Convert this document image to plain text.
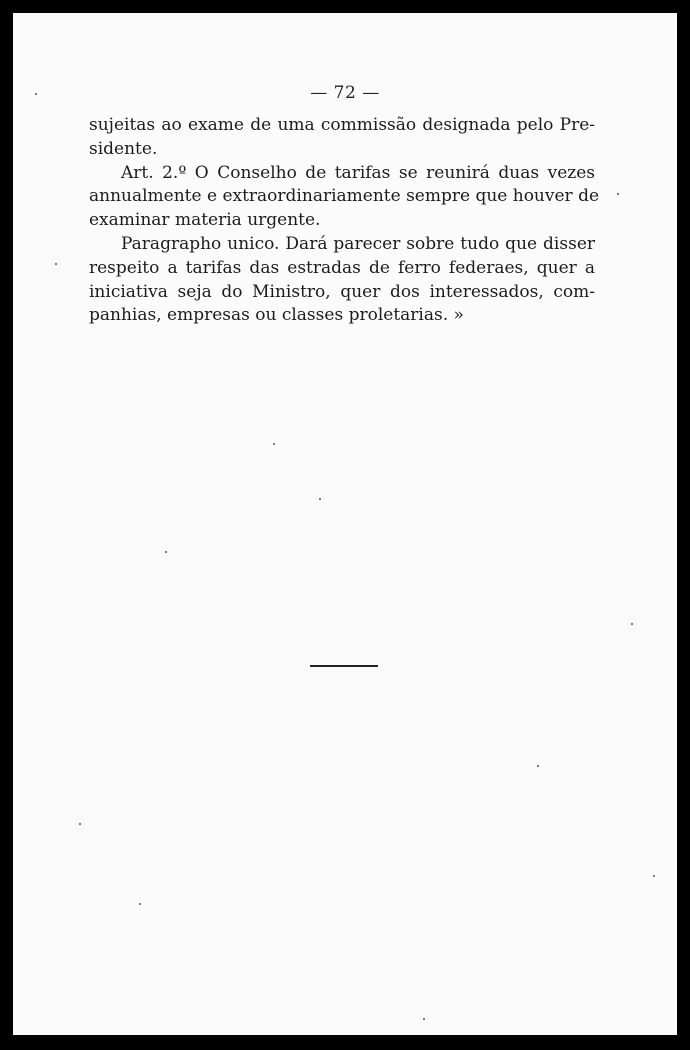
— 72 —
sujeitas ao exame de uma commissão designada pelo Pre-
sidente.
Art. 2.º O Conselho de tarifas se reunirá duas vezes
annualmente e extraordinariamente sempre que houver de
examinar materia urgente.
Paragrapho unico. Dará parecer sobre tudo que disser
respeito a tarifas das estradas de ferro federaes, quer a
iniciativa seja do Ministro, quer dos interessados, com-
panhias, empresas ou classes proletarias. »
